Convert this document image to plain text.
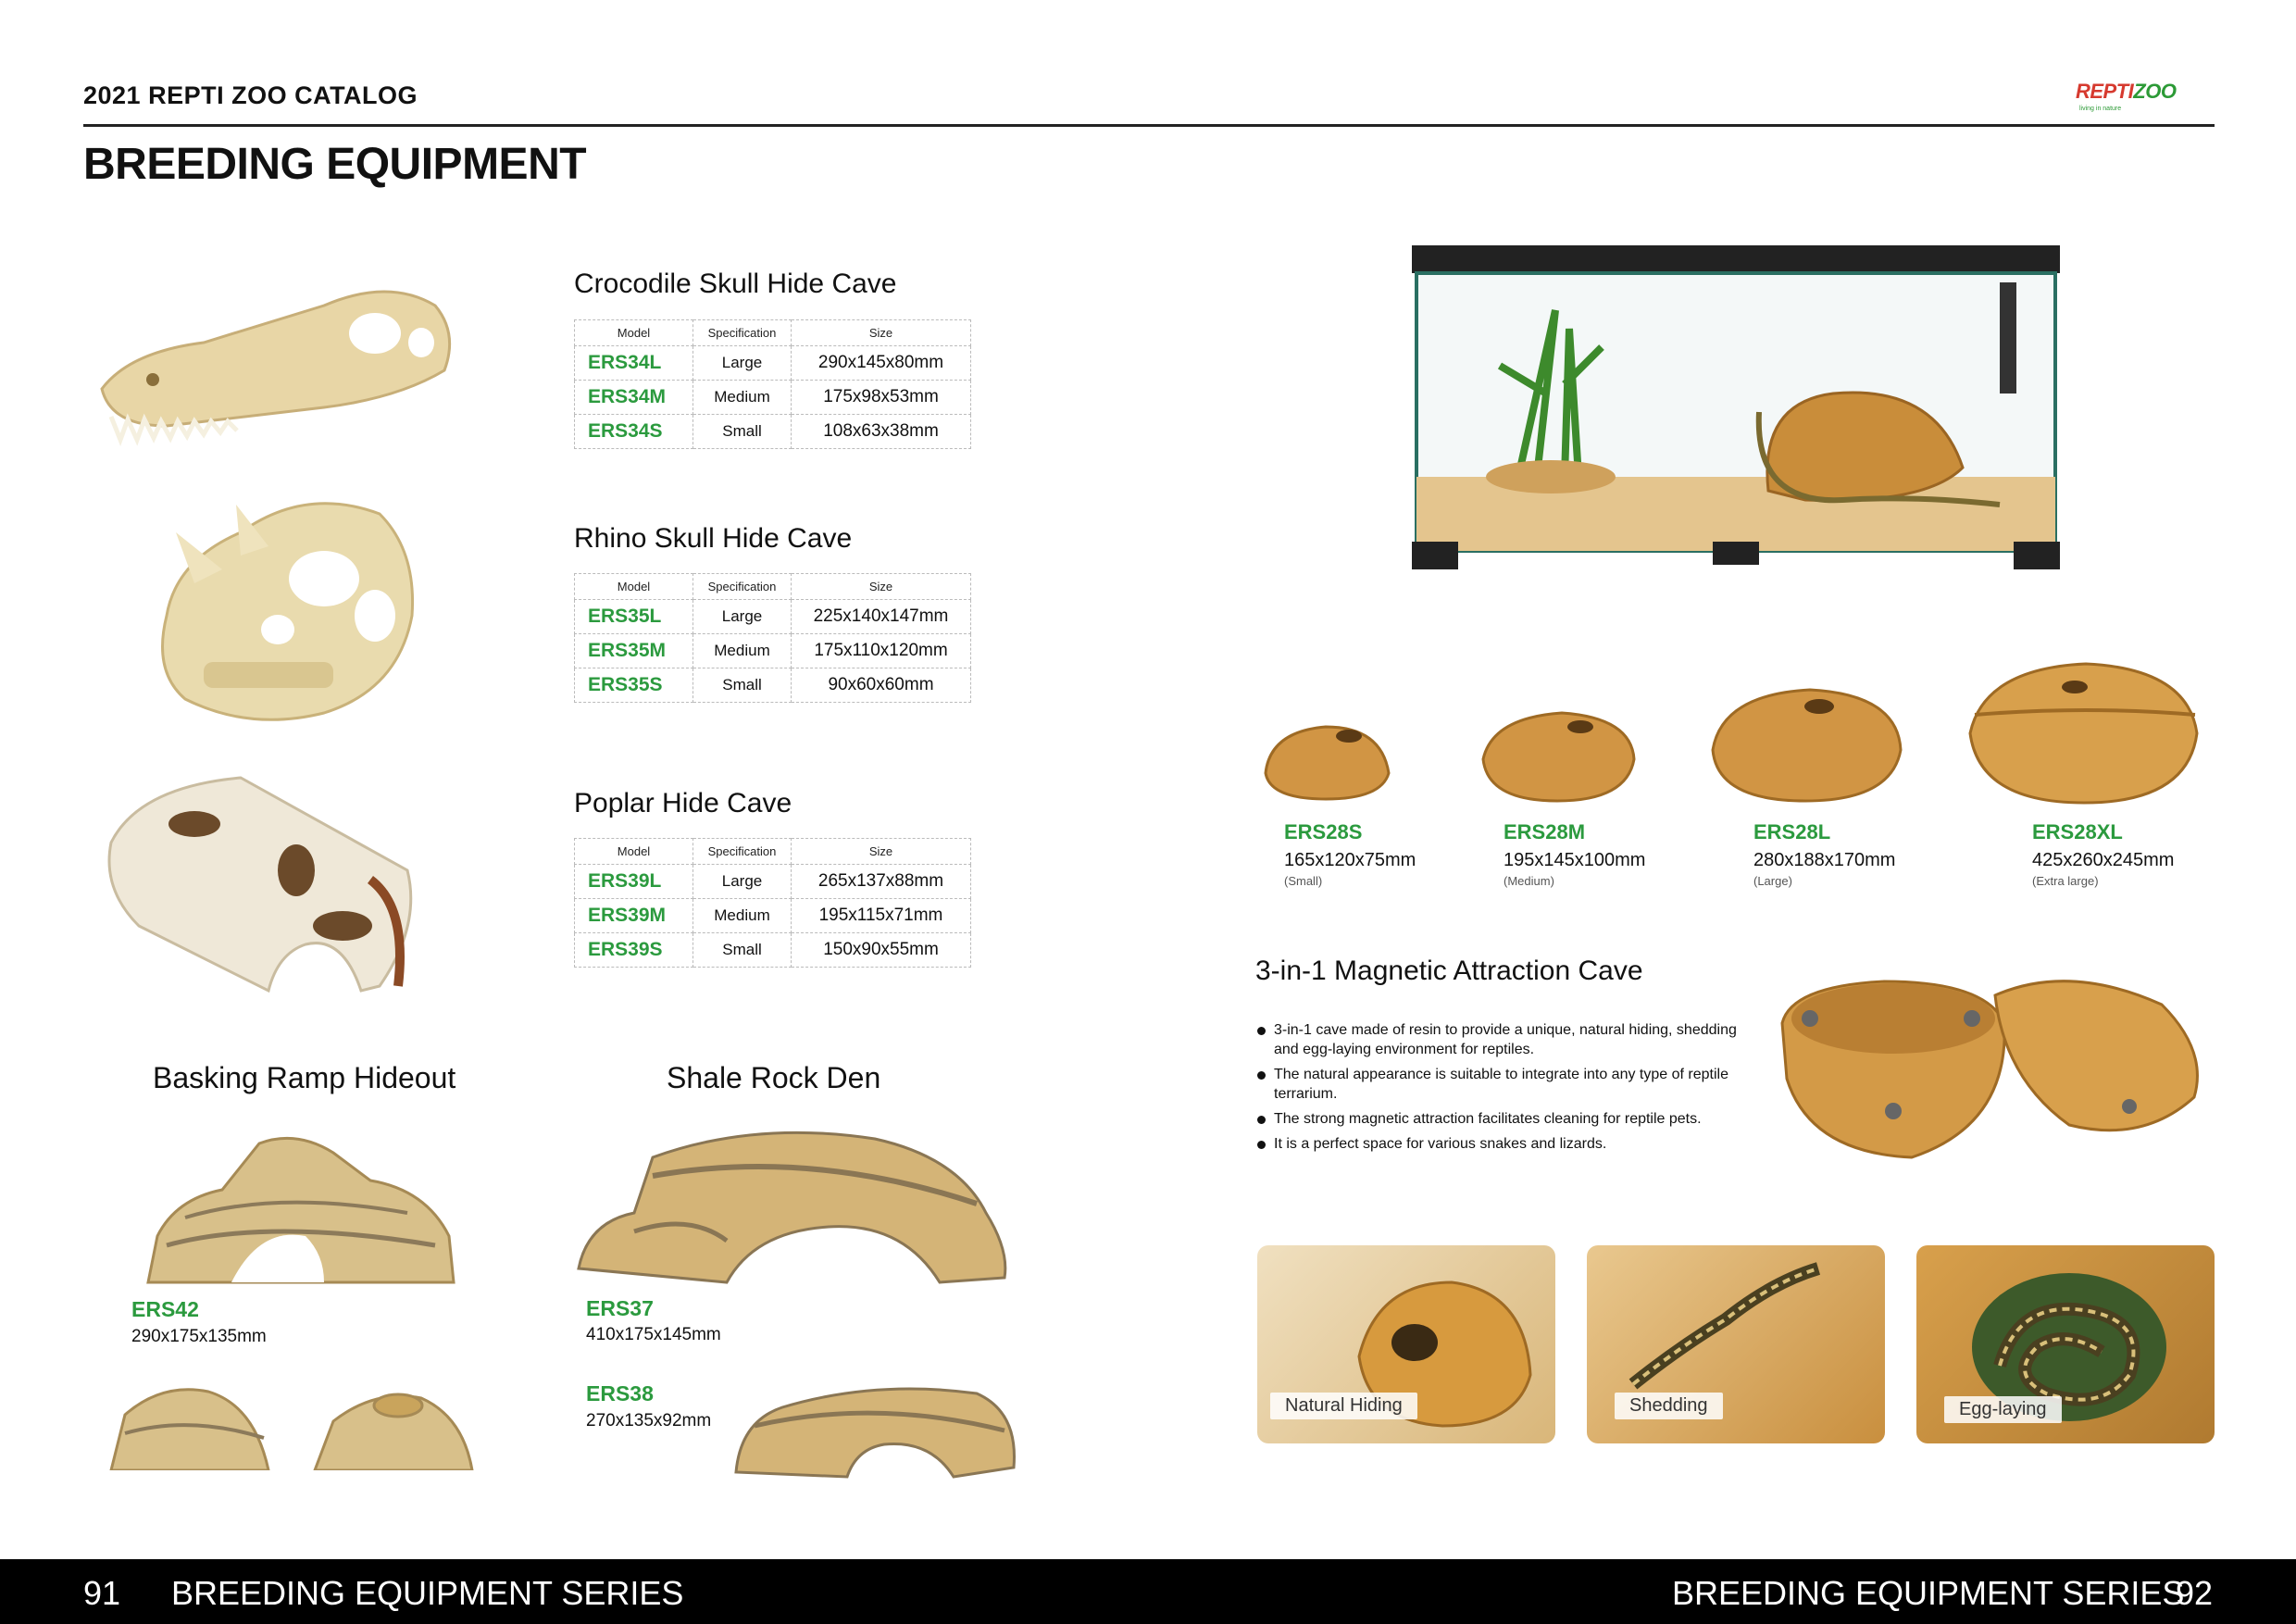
2021 REPTI ZOO CATALOG	REPTIZOO
living in nature
BREEDING EQUIPMENT
Crocodile Skull Hide Cave
Model	Specification	Size
ERS34L	Large	290x145x80mm
ERS34M	Medium	175x98x53mm
ERS34S	Small	108x63x38mm
Rhino Skull Hide Cave
Model	Specification	Size
ERS35L	Large	225x140x147mm
ERS35M	Medium	175x110x120mm
ERS35S	Small	90x60x60mm
Poplar Hide Cave
Model	Specification	Size
ERS39L	Large	265x137x88mm
ERS39M	Medium	195x115x71mm
ERS39S	Small	150x90x55mm
Basking Ramp Hideout
ERS42
290x175x135mm
Shale Rock Den
ERS37
410x175x145mm
ERS38
270x135x92mm
ERS28S
165x120x75mm
(Small)
ERS28M
195x145x100mm
(Medium)
ERS28L
280x188x170mm
(Large)
ERS28XL
425x260x245mm
(Extra large)
3-in-1 Magnetic Attraction Cave
3-in-1 cave made of resin to provide a unique, natural hiding, shedding and egg-laying environment for reptiles.
The natural appearance is suitable to integrate into any type of reptile terrarium.
The strong magnetic attraction facilitates cleaning for reptile pets.
It is a perfect space for various snakes and lizards.
Natural Hiding	Shedding	Egg-laying
91 BREEDING EQUIPMENT SERIES	BREEDING EQUIPMENT SERIES
92
